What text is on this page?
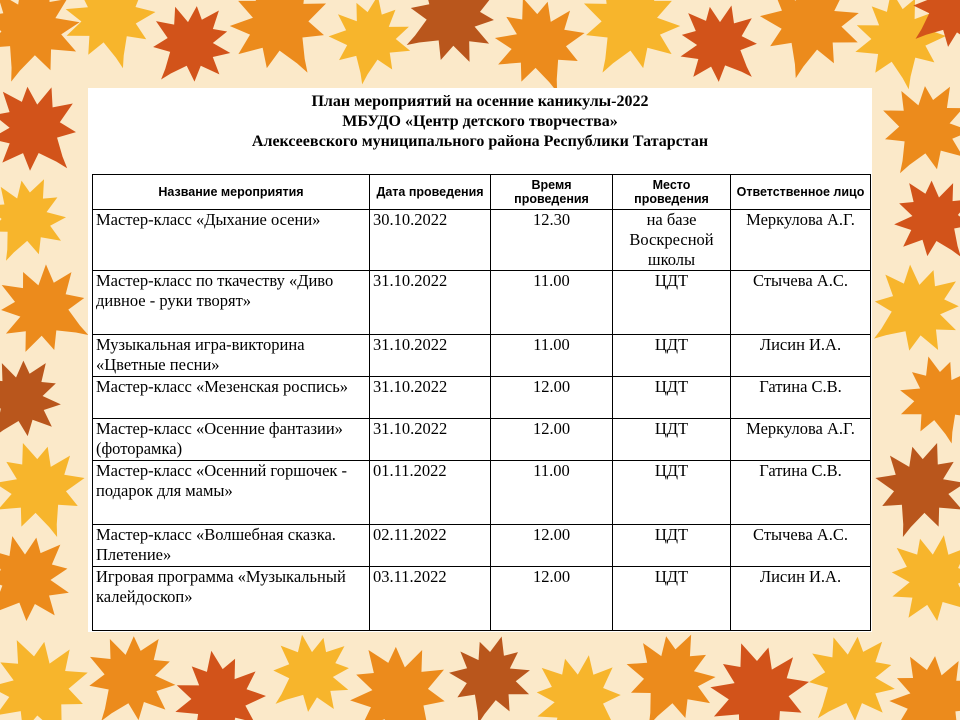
План мероприятий на осенние каникулы-2022
МБУДО «Центр детского творчества»
Алексеевского муниципального района Республики Татарстан
Название мероприятия	Дата проведения	Время проведения	Место проведения	Ответственное лицо
Мастер-класс «Дыхание осени»	30.10.2022	12.30	на базе Воскресной школы	Меркулова А.Г.
Мастер-класс по ткачеству «Диво дивное - руки творят»	31.10.2022	11.00	ЦДТ	Стычева А.С.
Музыкальная игра-викторина «Цветные песни»	31.10.2022	11.00	ЦДТ	Лисин И.А.
Мастер-класс «Мезенская роспись»	31.10.2022	12.00	ЦДТ	Гатина С.В.
Мастер-класс «Осенние фантазии» (фоторамка)	31.10.2022	12.00	ЦДТ	Меркулова А.Г.
Мастер-класс «Осенний горшочек - подарок для мамы»	01.11.2022	11.00	ЦДТ	Гатина С.В.
Мастер-класс «Волшебная сказка. Плетение»	02.11.2022	12.00	ЦДТ	Стычева А.С.
Игровая программа «Музыкальный калейдоскоп»	03.11.2022	12.00	ЦДТ	Лисин И.А.
